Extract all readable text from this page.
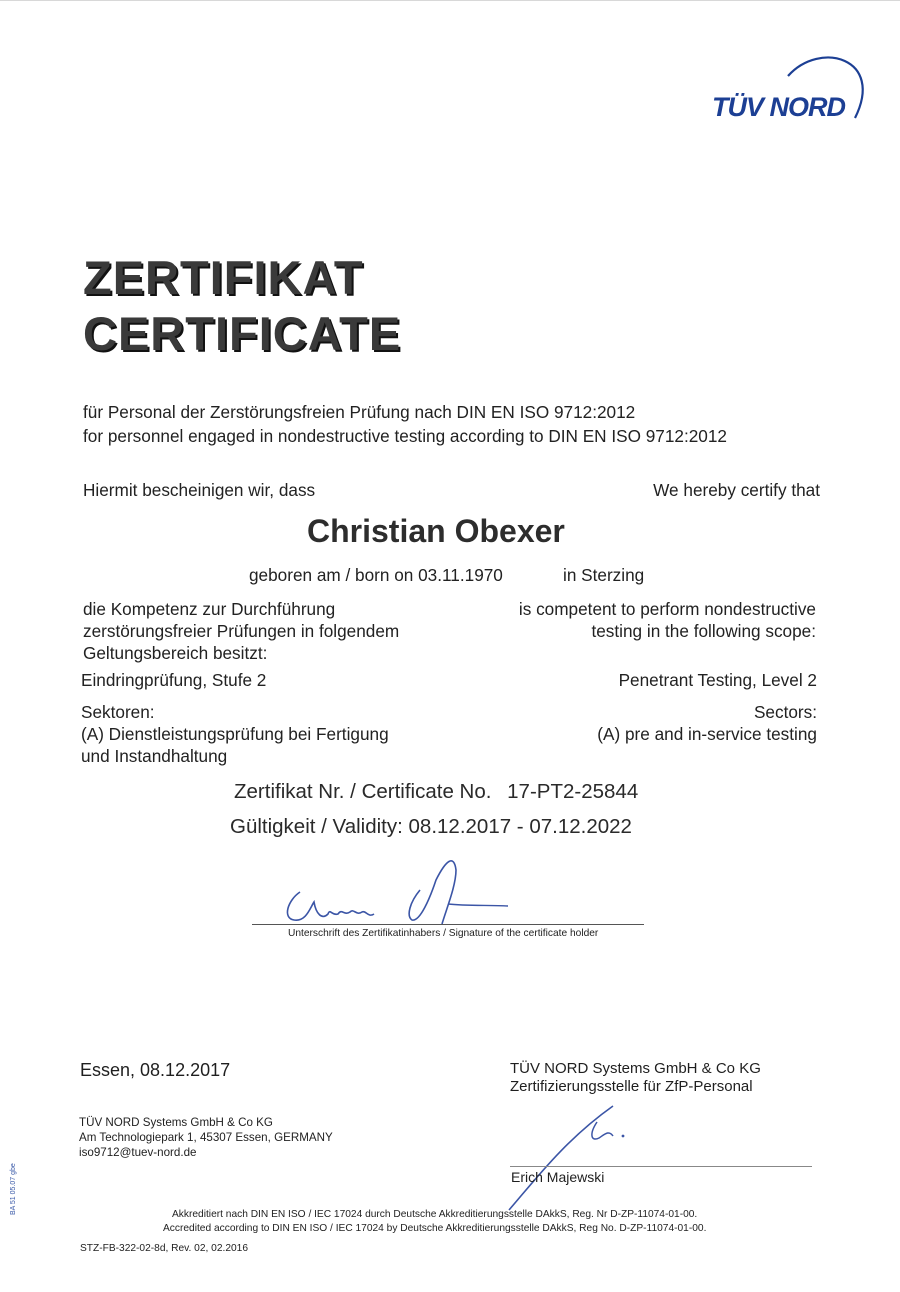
TÜV NORD
ZERTIFIKAT
CERTIFICATE
für Personal der Zerstörungsfreien Prüfung nach DIN EN ISO 9712:2012
for personnel engaged in nondestructive testing according to DIN EN ISO 9712:2012
Hiermit bescheinigen wir, dass	We hereby certify that
Christian Obexer
geboren am / born on 03.11.1970	in Sterzing
die Kompetenz zur Durchführung
zerstörungsfreier Prüfungen in folgendem
Geltungsbereich besitzt:
is competent to perform nondestructive
testing in the following scope:
Eindringprüfung, Stufe 2	Penetrant Testing, Level 2
Sektoren:
(A) Dienstleistungsprüfung bei Fertigung
und Instandhaltung
Sectors:
(A) pre and in-service testing
Zertifikat Nr. / Certificate No. 17-PT2-25844
Gültigkeit / Validity: 08.12.2017 - 07.12.2022
Unterschrift des Zertifikatinhabers / Signature of the certificate holder
Essen, 08.12.2017	TÜV NORD Systems GmbH & Co KG
Zertifizierungsstelle für ZfP-Personal
Erich Majewski
TÜV NORD Systems GmbH & Co KG
Am Technologiepark 1, 45307 Essen, GERMANY
iso9712@tuev-nord.de
Akkreditiert nach DIN EN ISO / IEC 17024 durch Deutsche Akkreditierungsstelle DAkkS, Reg. Nr D-ZP-11074-01-00.
Accredited according to DIN EN ISO / IEC 17024 by Deutsche Akkreditierungsstelle DAkkS, Reg No. D-ZP-11074-01-00.
STZ-FB-322-02-8d, Rev. 02, 02.2016
BA 51 05.07 gbe
